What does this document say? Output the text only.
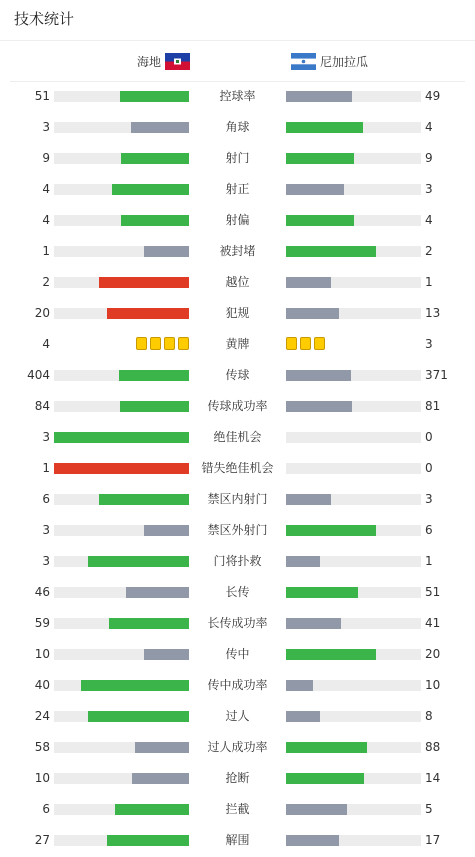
技术统计
海地	尼加拉瓜
51	控球率	49
3	角球	4
9	射门	9
4	射正	3
4	射偏	4
1	被封堵	2
2	越位	1
20	犯规	13
4	黄牌	3
404	传球	371
84	传球成功率	81
3	绝佳机会	0
1	错失绝佳机会	0
6	禁区内射门	3
3	禁区外射门	6
3	门将扑救	1
46	长传	51
59	长传成功率	41
10	传中	20
40	传中成功率	10
24	过人	8
58	过人成功率	88
10	抢断	14
6	拦截	5
27	解围	17
